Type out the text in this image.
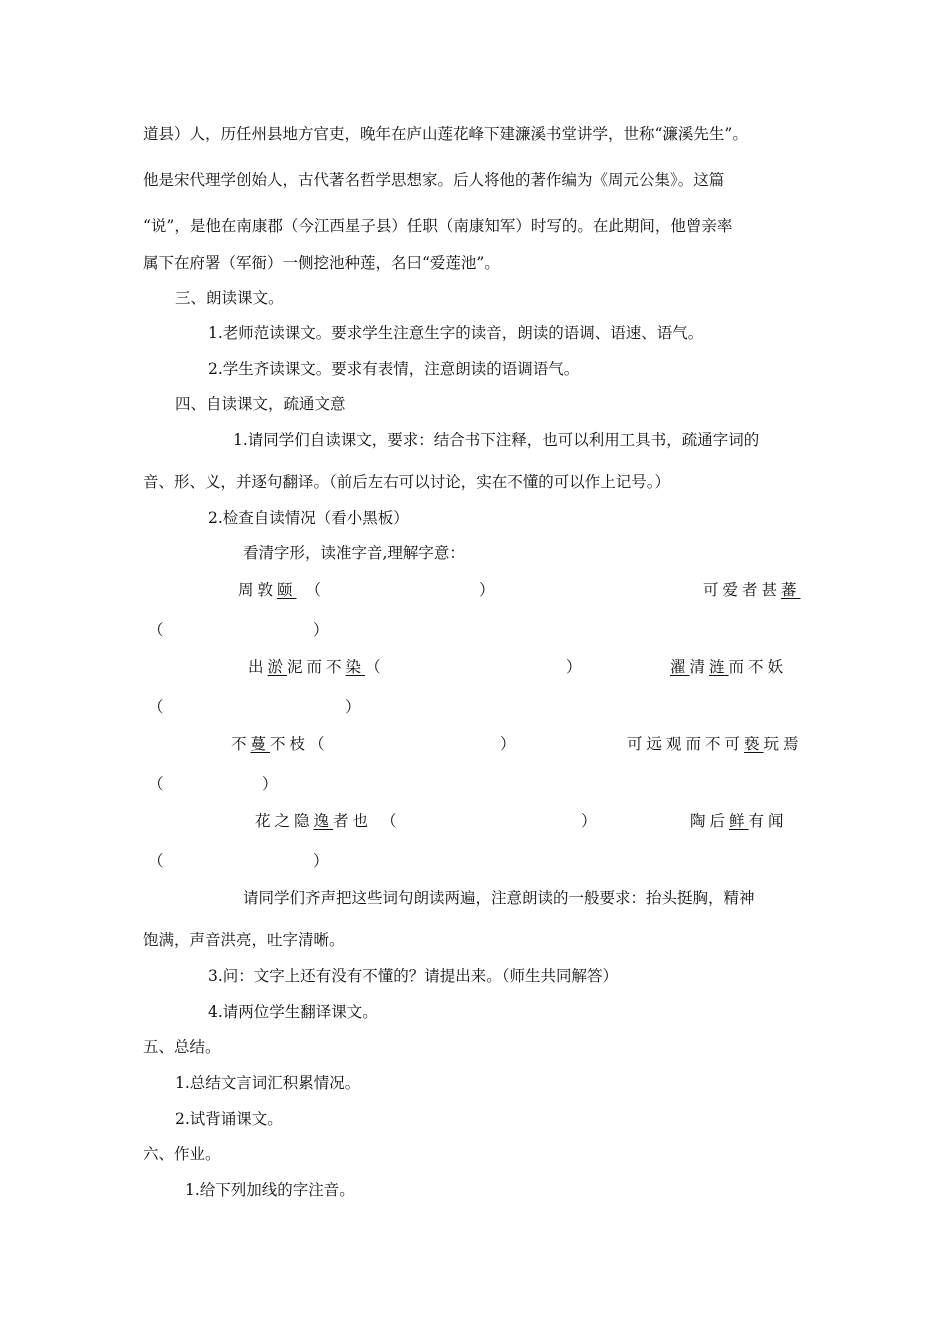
道县）人，历任州县地方官吏，晚年在庐山莲花峰下建濂溪书堂讲学，世称“濂溪先生”。
他是宋代理学创始人，古代著名哲学思想家。后人将他的著作编为《周元公集》。这篇
“说”，是他在南康郡（今江西星子县）任职（南康知军）时写的。在此期间，他曾亲率
属下在府署（军衙）一侧挖池种莲，名曰“爱莲池”。
三、朗读课文。
1.老师范读课文。要求学生注意生字的读音，朗读的语调、语速、语气。
2.学生齐读课文。要求有表情，注意朗读的语调语气。
四、自读课文，疏通文意
1.请同学们自读课文，要求：结合书下注释，也可以利用工具书，疏通字词的
音、形、义，并逐句翻译。（前后左右可以讨论，实在不懂的可以作上记号。）
2.检查自读情况（看小黑板）
看清字形，读准字音,理解字意：
周敦颐 （	）	可爱者甚蕃
（	）
出淤泥而不染（	）	濯清涟而不妖
（	）
不蔓不枝（	）	可远观而不可亵玩焉
（	）
花之隐逸者也 （	）	陶后鲜有闻
（	）
请同学们齐声把这些词句朗读两遍，注意朗读的一般要求：抬头挺胸，精神
饱满，声音洪亮，吐字清晰。
3.问：文字上还有没有不懂的？请提出来。（师生共同解答）
4.请两位学生翻译课文。
五、总结。
1.总结文言词汇积累情况。
2.试背诵课文。
六、作业。
1.给下列加线的字注音。
